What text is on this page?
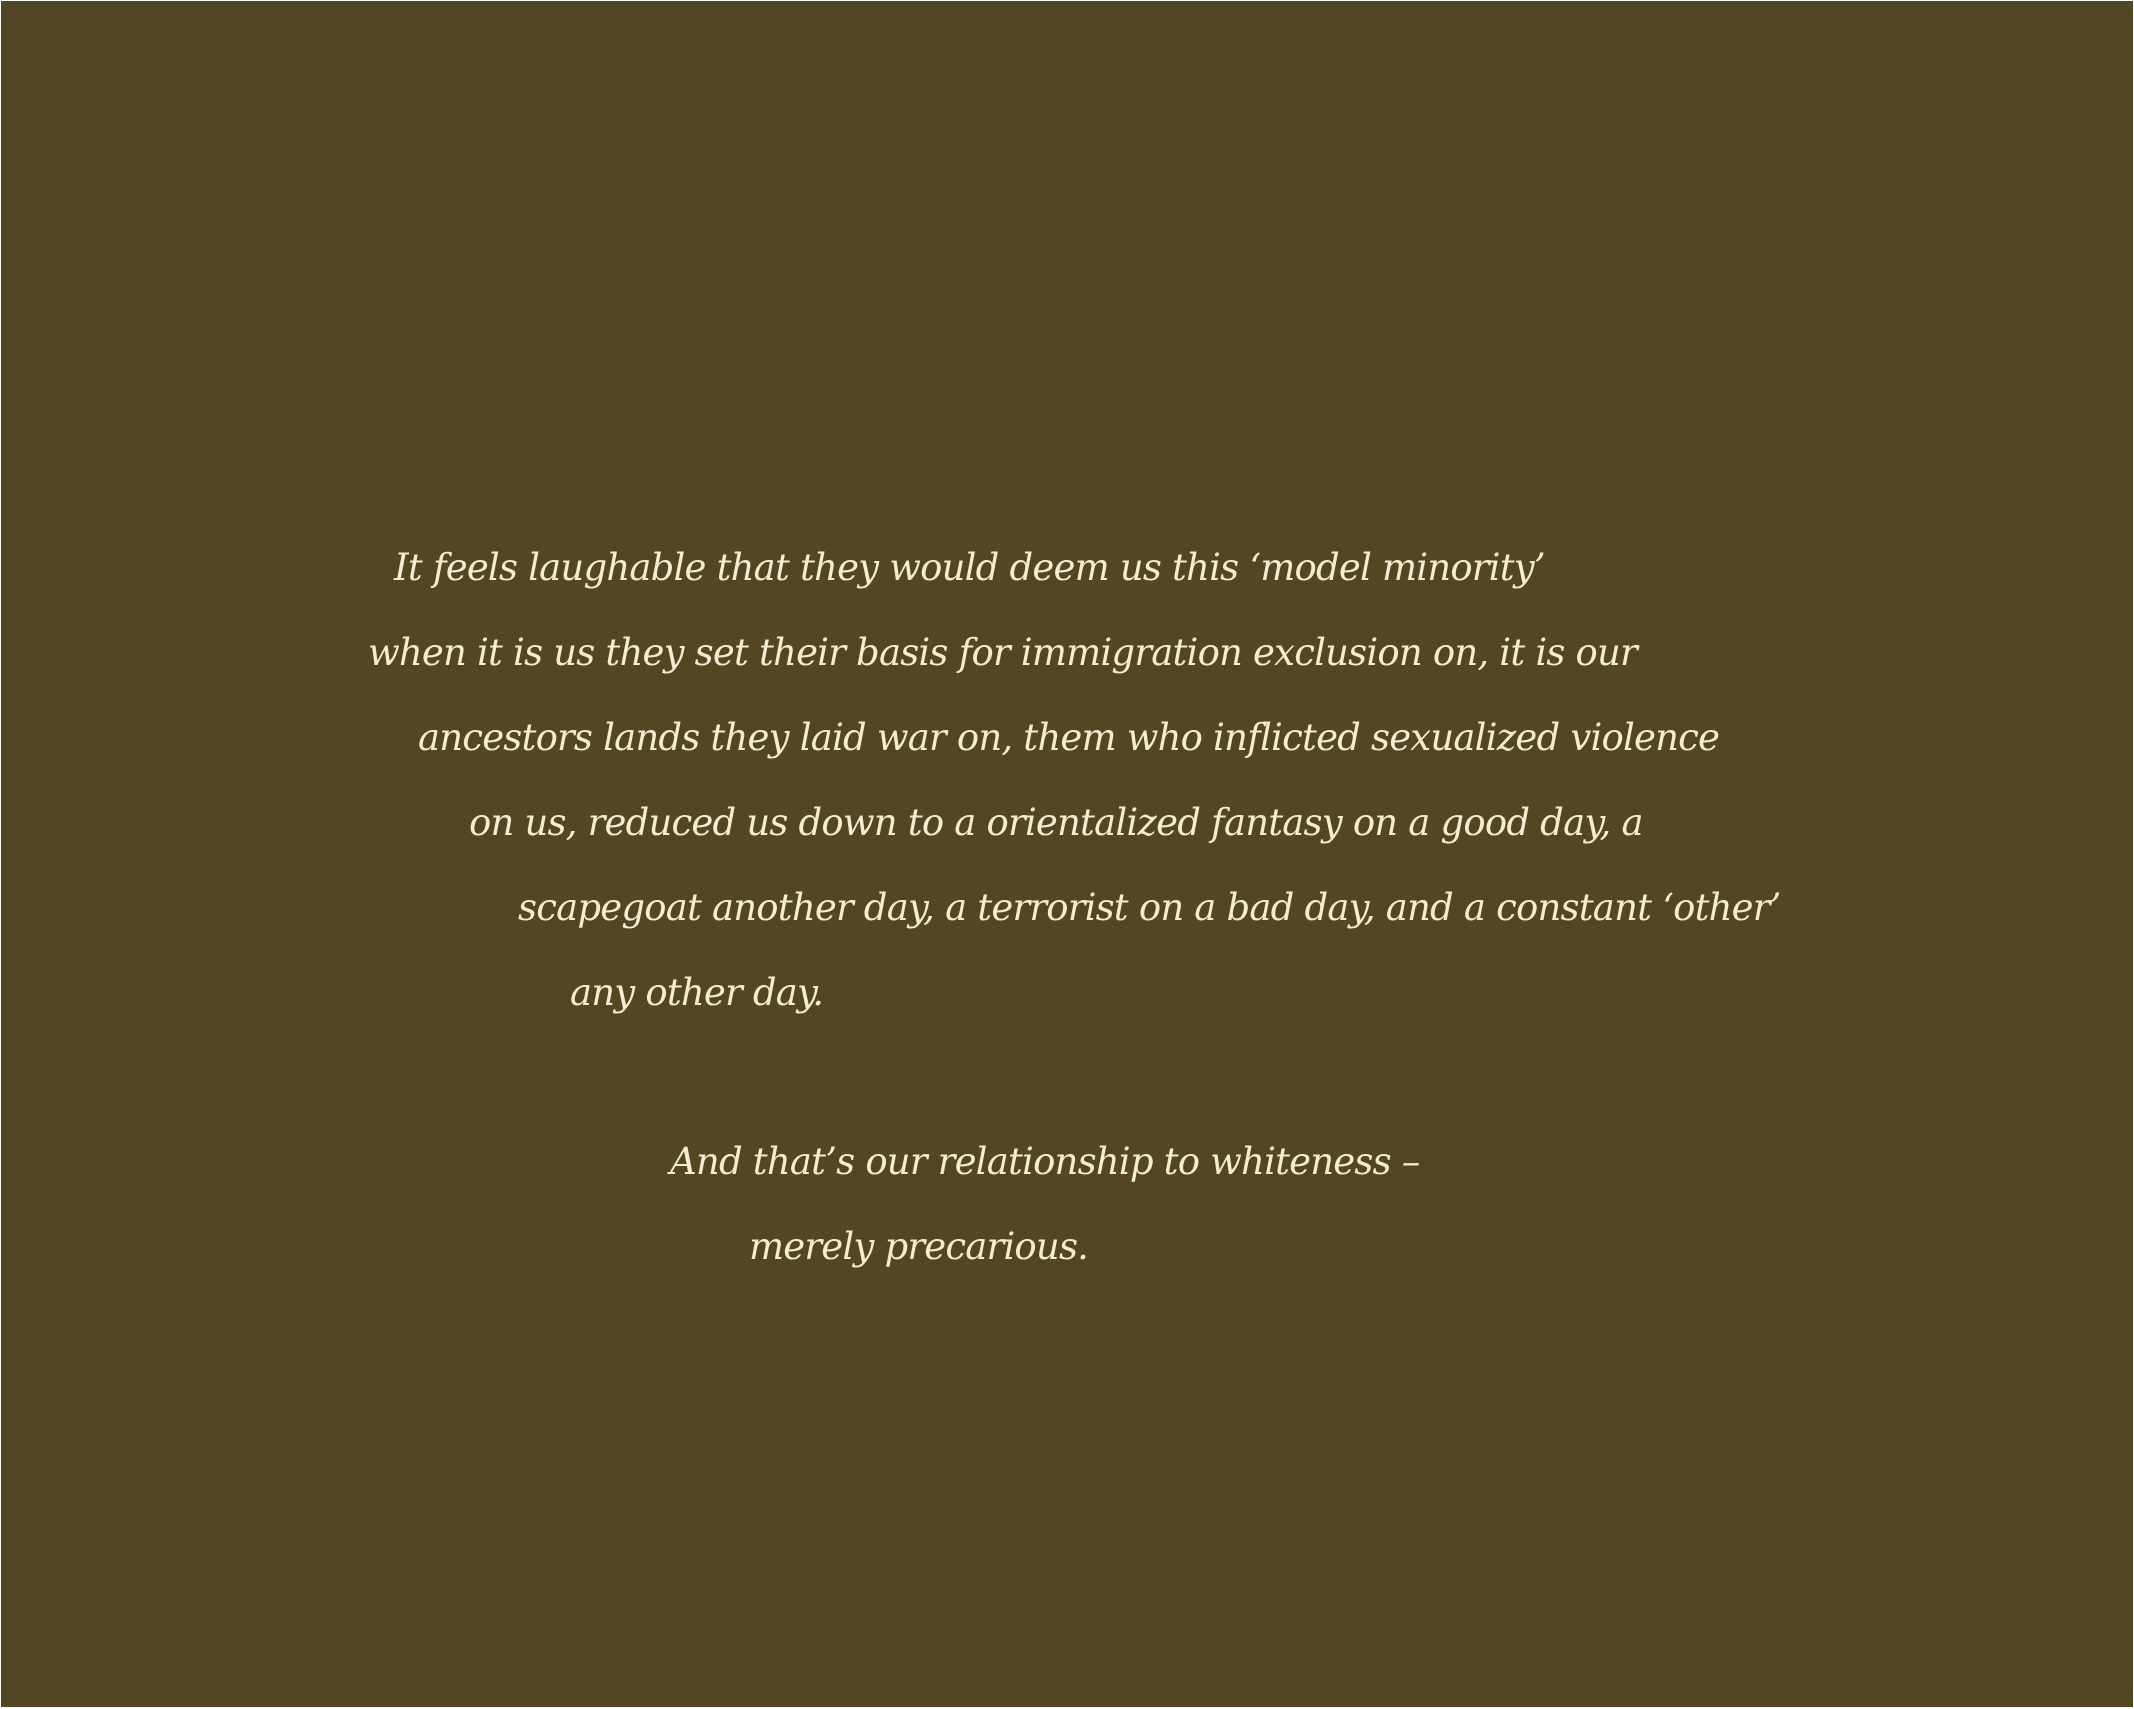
It feels laughable that they would deem us this ‘model minority’
when it is us they set their basis for immigration exclusion on, it is our
ancestors lands they laid war on, them who inflicted sexualized violence
on us, reduced us down to a orientalized fantasy on a good day, a
scapegoat another day, a terrorist on a bad day, and a constant ‘other’
any other day.
And that’s our relationship to whiteness –
merely precarious.
